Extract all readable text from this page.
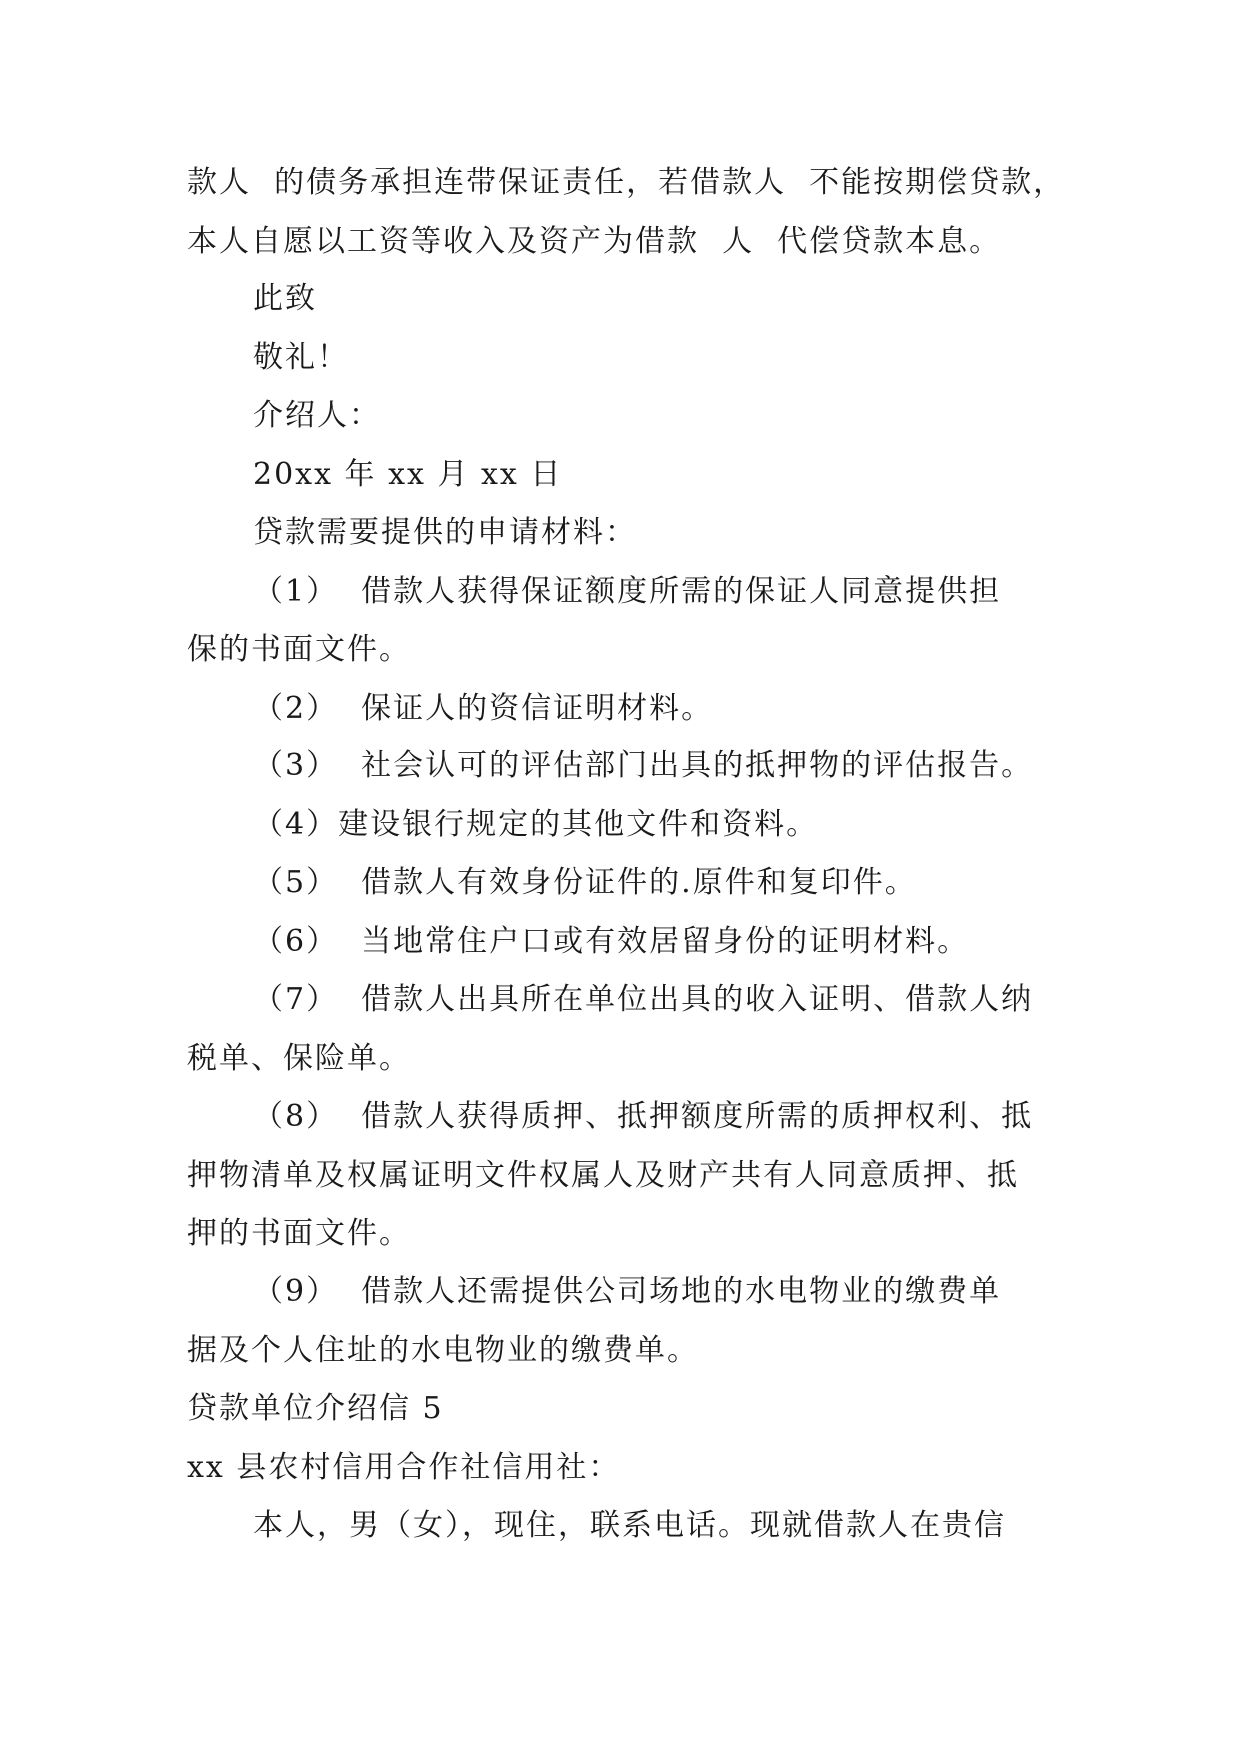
款人  的债务承担连带保证责任，若借款人  不能按期偿贷款，
本人自愿以工资等收入及资产为借款  人  代偿贷款本息。
此致
敬礼！
介绍人：
20xx 年 xx 月 xx 日
贷款需要提供的申请材料：
（1）  借款人获得保证额度所需的保证人同意提供担
保的书面文件。
（2）  保证人的资信证明材料。
（3）  社会认可的评估部门出具的抵押物的评估报告。
（4）建设银行规定的其他文件和资料。
（5）  借款人有效身份证件的.原件和复印件。
（6）  当地常住户口或有效居留身份的证明材料。
（7）  借款人出具所在单位出具的收入证明、借款人纳
税单、保险单。
（8）  借款人获得质押、抵押额度所需的质押权利、抵
押物清单及权属证明文件权属人及财产共有人同意质押、抵
押的书面文件。
（9）  借款人还需提供公司场地的水电物业的缴费单
据及个人住址的水电物业的缴费单。
贷款单位介绍信 5
xx 县农村信用合作社信用社：
本人，男（女），现住，联系电话。现就借款人在贵信
